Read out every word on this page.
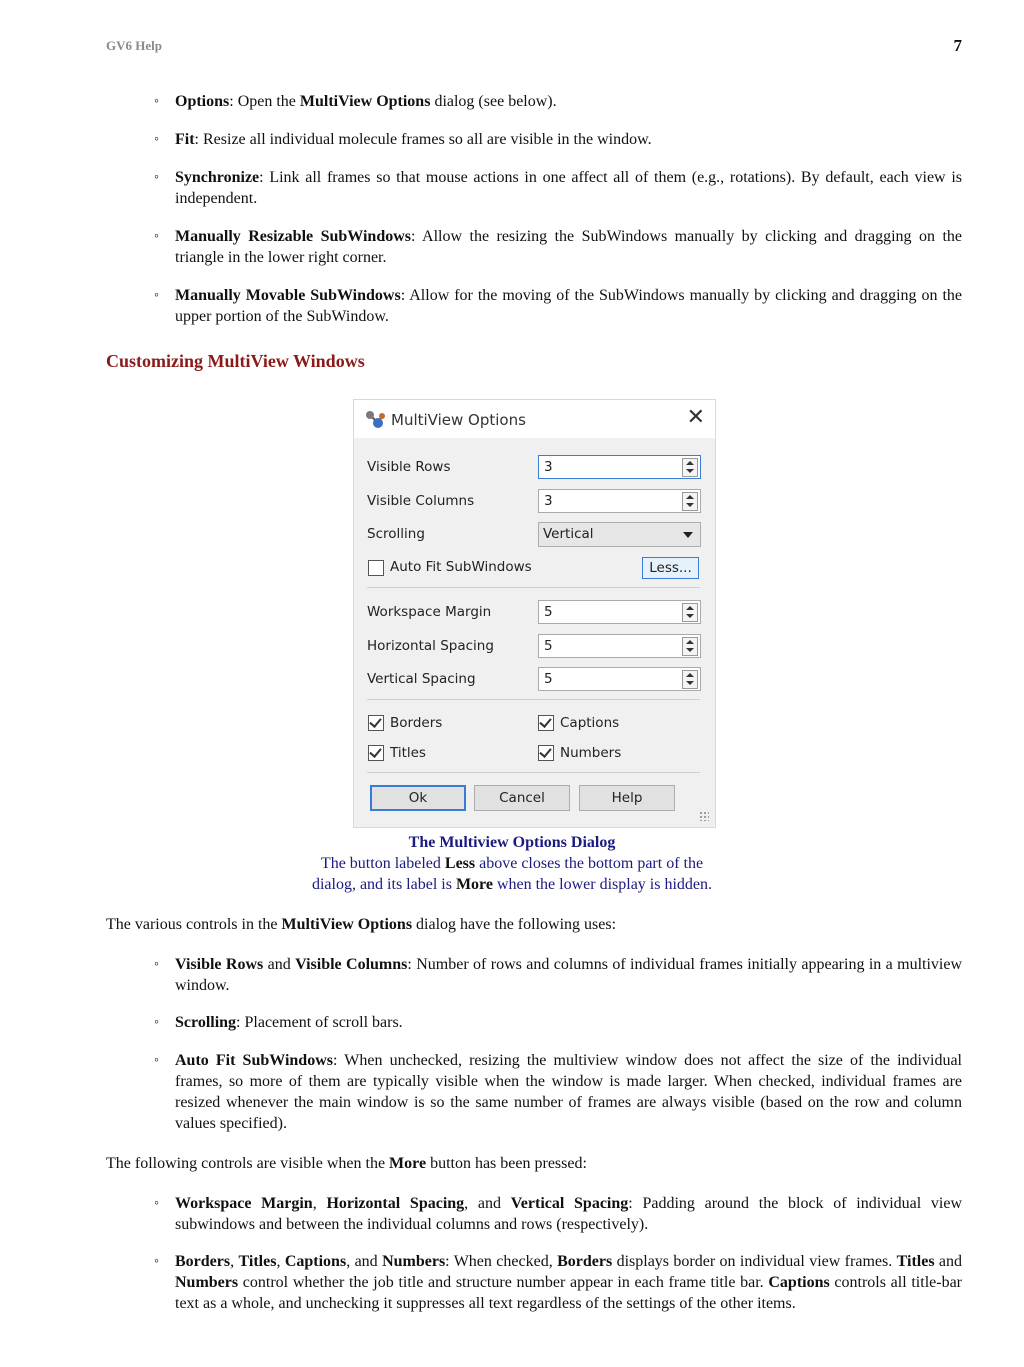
GV6 Help	7
◦ Options: Open the MultiView Options dialog (see below).
◦ Fit: Resize all individual molecule frames so all are visible in the window.
◦ Synchronize: Link all frames so that mouse actions in one affect all of them (e.g., rotations). By default, each view is independent.
◦ Manually Resizable SubWindows: Allow the resizing the SubWindows manually by clicking and dragging on the triangle in the lower right corner.
◦ Manually Movable SubWindows: Allow for the moving of the SubWindows manually by clicking and dragging on the upper portion of the SubWindow.
Customizing MultiView Windows
MultiView Options	✕
Visible Rows	3
Visible Columns	3
Scrolling	Vertical
Auto Fit SubWindows	Less...
Workspace Margin	5
Horizontal Spacing	5
Vertical Spacing	5
Borders	Captions
Titles	Numbers
Ok	Cancel	Help
The Multiview Options Dialog
The button labeled Less above closes the bottom part of the
dialog, and its label is More when the lower display is hidden.
The various controls in the MultiView Options dialog have the following uses:
◦ Visible Rows and Visible Columns: Number of rows and columns of individual frames initially appearing in a multiview window.
◦ Scrolling: Placement of scroll bars.
◦ Auto Fit SubWindows: When unchecked, resizing the multiview window does not affect the size of the individual frames, so more of them are typically visible when the window is made larger. When checked, individual frames are resized whenever the main window is so the same number of frames are always visible (based on the row and column values specified).
The following controls are visible when the More button has been pressed:
◦ Workspace Margin, Horizontal Spacing, and Vertical Spacing: Padding around the block of individual view subwindows and between the individual columns and rows (respectively).
◦ Borders, Titles, Captions, and Numbers: When checked, Borders displays border on individual view frames. Titles and Numbers control whether the job title and structure number appear in each frame title bar. Captions controls all title-bar text as a whole, and unchecking it suppresses all text regardless of the settings of the other items.
